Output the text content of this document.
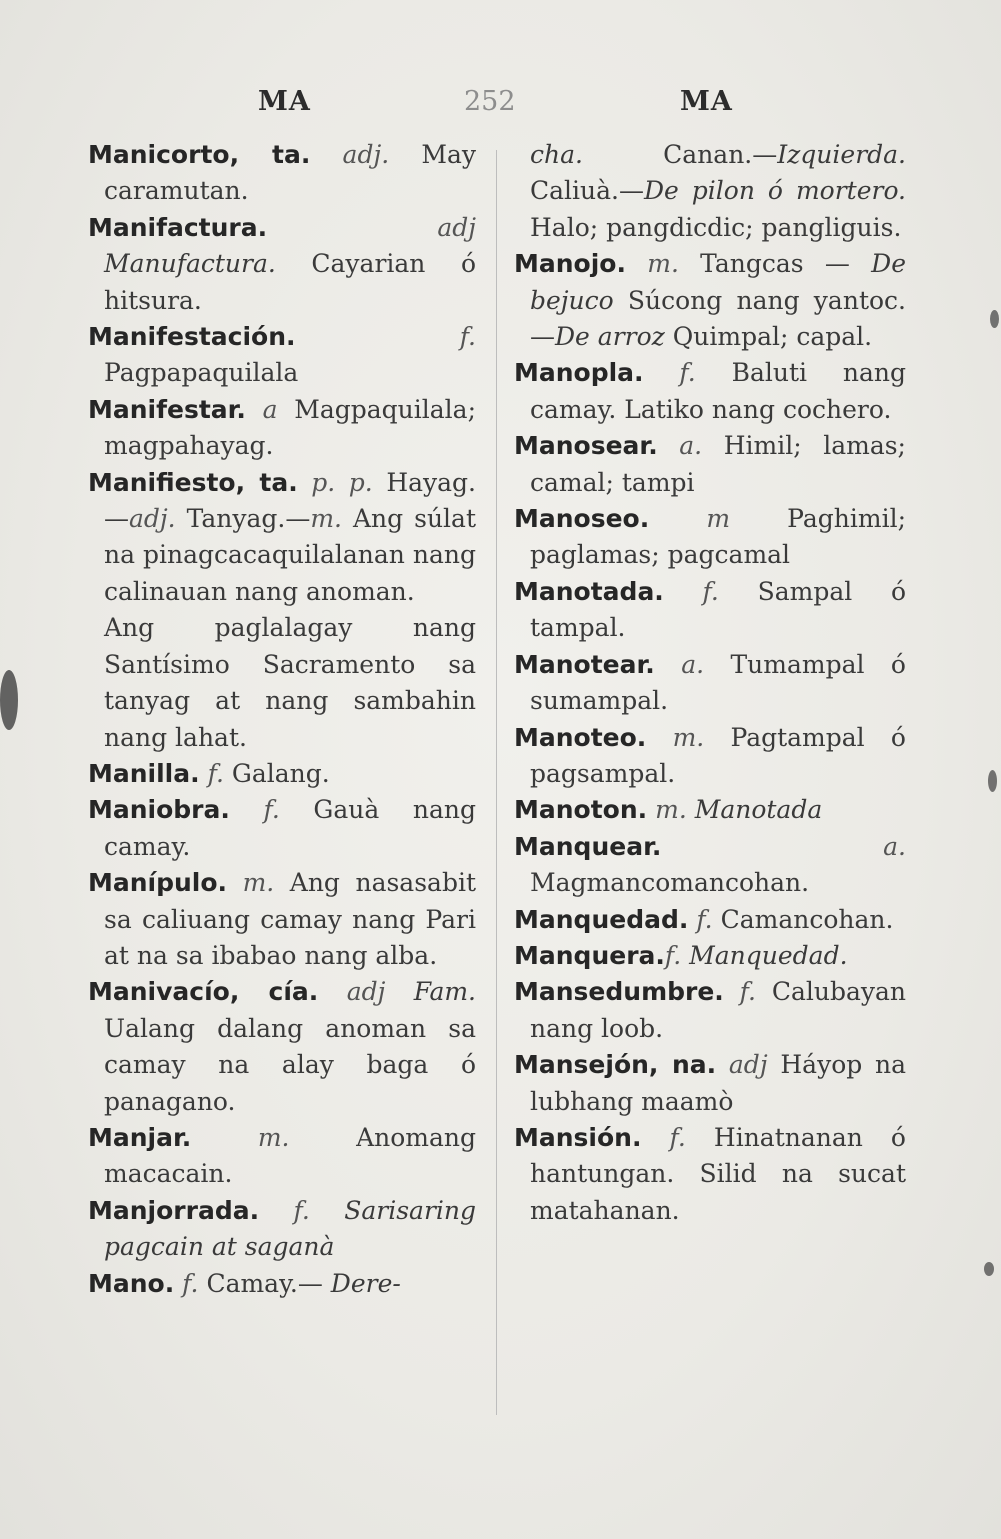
MA	252	MA

Manicorto, ta. adj. May caramutan.

Manifactura.	adj Manufactura. Cayarian ó hitsura.

Manifestación.	f. Pagpapaquilala

Manifestar. a Magpaquilala; magpahayag.

Manifiesto, ta. p. p. Hayag.—adj. Tanyag.—m. Ang súlat na pinagcacaquilalanan nang calinauan nang anoman.

Ang paglalagay nang Santísimo Sacramento sa tanyag at nang sambahin nang lahat.

Manilla. f. Galang.

Maniobra. f. Gauà nang camay.

Manípulo. m. Ang nasasabit sa caliuang camay nang Pari at na sa ibabao nang alba.

Manivacío, cía. adj Fam. Ualang dalang anoman sa camay na alay baga ó panagano.

Manjar.	m.	Anomang macacain.

Manjorrada. f. Sarisaring pagcain at saganà

Mano. f. Camay.— Dere-

cha.	Canan.—Izquierda. Caliuà.—De pilon ó mortero. Halo; pangdicdic; pangliguis.

Manojo. m. Tangcas — De bejuco Súcong nang yantoc.—De arroz Quimpal; capal.

Manopla. f. Baluti nang camay. Latiko nang cochero.

Manosear. a. Himil; lamas; camal; tampi

Manoseo. m Paghimil; paglamas; pagcamal

Manotada. f. Sampal ó tampal.

Manotear. a. Tumampal ó sumampal.

Manoteo. m. Pagtampal ó pagsampal.

Manoton. m. Manotada

Manquear.	a. Magmancomancohan.

Manquedad. f. Camancohan.

Manquera.f. Manquedad.

Mansedumbre. f. Calubayan nang loob.

Mansejón, na. adj Háyop na lubhang maamò

Mansión. f. Hinatnanan ó hantungan. Silid na sucat matahanan.
